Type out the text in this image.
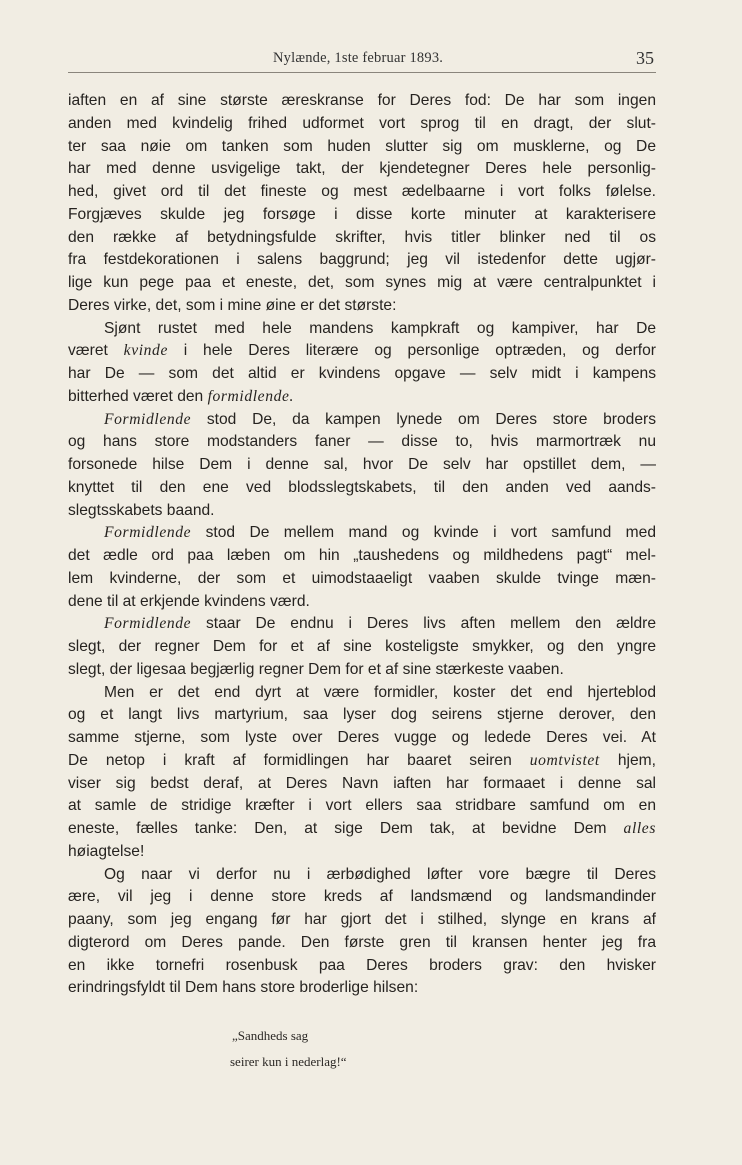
Nylænde, 1ste februar 1893.	35
iaften en af sine største æreskranse for Deres fod: De har som ingen
anden med kvindelig frihed udformet vort sprog til en dragt, der slut-
ter saa nøie om tanken som huden slutter sig om musklerne, og De
har med denne usvigelige takt, der kjendetegner Deres hele personlig-
hed, givet ord til det fineste og mest ædelbaarne i vort folks følelse.
Forgjæves skulde jeg forsøge i disse korte minuter at karakterisere
den række af betydningsfulde skrifter, hvis titler blinker ned til os
fra festdekorationen i salens baggrund; jeg vil istedenfor dette ugjør-
lige kun pege paa et eneste, det, som synes mig at være centralpunktet i
Deres virke, det, som i mine øine er det største:
Sjønt rustet med hele mandens kampkraft og kampiver, har De
været kvinde i hele Deres literære og personlige optræden, og derfor
har De — som det altid er kvindens opgave — selv midt i kampens
bitterhed været den formidlende.
Formidlende stod De, da kampen lynede om Deres store broders
og hans store modstanders faner — disse to, hvis marmortræk nu
forsonede hilse Dem i denne sal, hvor De selv har opstillet dem, —
knyttet til den ene ved blodsslegtskabets, til den anden ved aands-
slegtsskabets baand.
Formidlende stod De mellem mand og kvinde i vort samfund med
det ædle ord paa læben om hin „taushedens og mildhedens pagt“ mel-
lem kvinderne, der som et uimodstaaeligt vaaben skulde tvinge mæn-
dene til at erkjende kvindens værd.
Formidlende staar De endnu i Deres livs aften mellem den ældre
slegt, der regner Dem for et af sine kosteligste smykker, og den yngre
slegt, der ligesaa begjærlig regner Dem for et af sine stærkeste vaaben.
Men er det end dyrt at være formidler, koster det end hjerteblod
og et langt livs martyrium, saa lyser dog seirens stjerne derover, den
samme stjerne, som lyste over Deres vugge og ledede Deres vei. At
De netop i kraft af formidlingen har baaret seiren uomtvistet hjem,
viser sig bedst deraf, at Deres Navn iaften har formaaet i denne sal
at samle de stridige kræfter i vort ellers saa stridbare samfund om en
eneste, fælles tanke: Den, at sige Dem tak, at bevidne Dem alles
høiagtelse!
Og naar vi derfor nu i ærbødighed løfter vore bægre til Deres
ære, vil jeg i denne store kreds af landsmænd og landsmandinder
paany, som jeg engang før har gjort det i stilhed, slynge en krans af
digterord om Deres pande. Den første gren til kransen henter jeg fra
en ikke tornefri rosenbusk paa Deres broders grav: den hvisker
erindringsfyldt til Dem hans store broderlige hilsen:
„Sandheds sag
seirer kun i nederlag!“
